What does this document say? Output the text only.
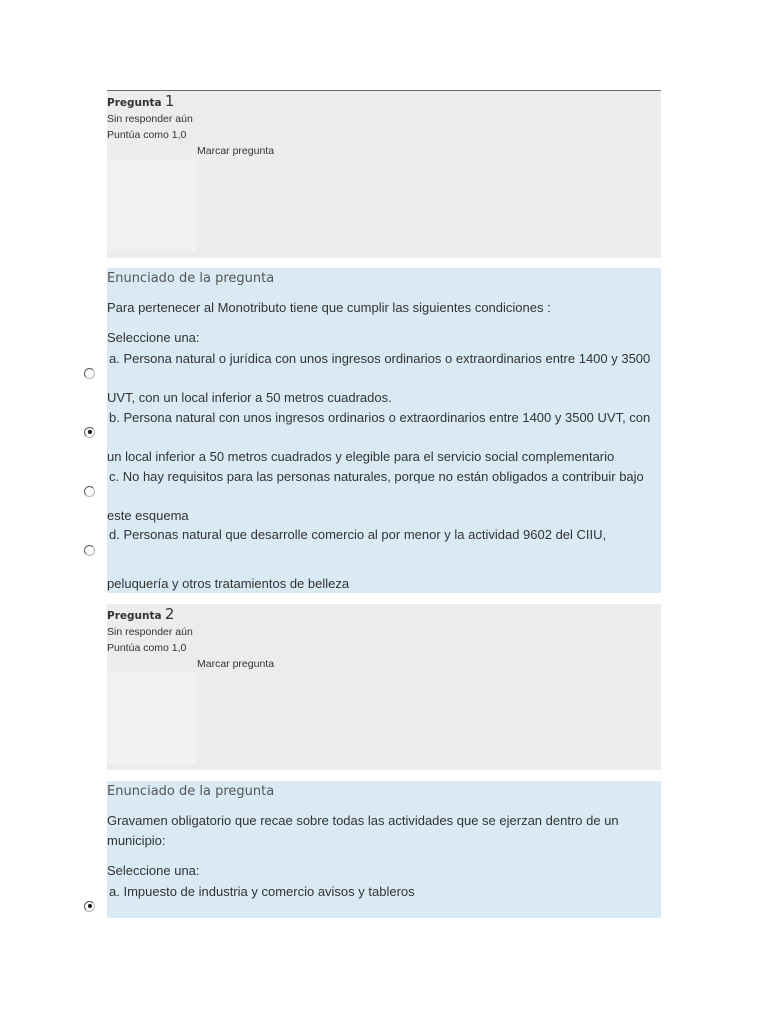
Pregunta 1
Sin responder aún
Puntúa como 1,0
Marcar pregunta
Enunciado de la pregunta
Para pertenecer al Monotributo tiene que cumplir las siguientes condiciones :
Seleccione una:
a. Persona natural o jurídica con unos ingresos ordinarios o extraordinarios entre 1400 y 3500 UVT, con un local inferior a 50 metros cuadrados.
b. Persona natural con unos ingresos ordinarios o extraordinarios entre 1400 y 3500 UVT, con un local inferior a 50 metros cuadrados y elegible para el servicio social complementario
c. No hay requisitos para las personas naturales, porque no están obligados a contribuir bajo este esquema
d. Personas natural que desarrolle comercio al por menor y la actividad 9602 del CIIU, peluquería y otros tratamientos de belleza
Pregunta 2
Sin responder aún
Puntúa como 1,0
Marcar pregunta
Enunciado de la pregunta
Gravamen obligatorio que recae sobre todas las actividades que se ejerzan dentro de un municipio:
Seleccione una:
a. Impuesto de industria y comercio avisos y tableros
